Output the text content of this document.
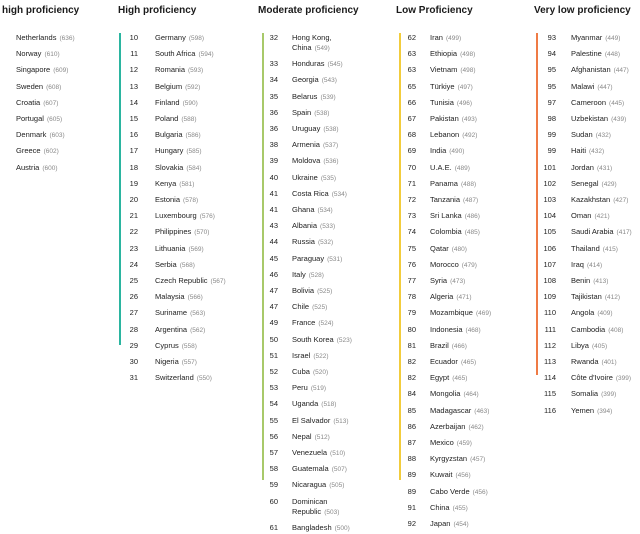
high proficiency
Netherlands (636)
Norway (610)
Singapore (609)
Sweden (608)
Croatia (607)
Portugal (605)
Denmark (603)
Greece (602)
Austria (600)
High proficiency
10 Germany (598)
11 South Africa (594)
12 Romania (593)
13 Belgium (592)
14 Finland (590)
15 Poland (588)
16 Bulgaria (586)
17 Hungary (585)
18 Slovakia (584)
19 Kenya (581)
20 Estonia (578)
21 Luxembourg (576)
22 Philippines (570)
23 Lithuania (569)
24 Serbia (568)
25 Czech Republic (567)
26 Malaysia (566)
27 Suriname (563)
28 Argentina (562)
29 Cyprus (558)
30 Nigeria (557)
31 Switzerland (550)
Moderate proficiency
32 Hong Kong,
China (549)
33 Honduras (545)
34 Georgia (543)
35 Belarus (539)
36 Spain (538)
36 Uruguay (538)
38 Armenia (537)
39 Moldova (536)
40 Ukraine (535)
41 Costa Rica (534)
41 Ghana (534)
43 Albania (533)
44 Russia (532)
45 Paraguay (531)
46 Italy (528)
47 Bolivia (525)
47 Chile (525)
49 France (524)
50 South Korea (523)
51 Israel (522)
52 Cuba (520)
53 Peru (519)
54 Uganda (518)
55 El Salvador (513)
56 Nepal (512)
57 Venezuela (510)
58 Guatemala (507)
59 Nicaragua (505)
60 Dominican
Republic (503)
61 Bangladesh (500)
Low Proficiency
62 Iran (499)
63 Ethiopia (498)
63 Vietnam (498)
65 Türkiye (497)
66 Tunisia (496)
67 Pakistan (493)
68 Lebanon (492)
69 India (490)
70 U.A.E. (489)
71 Panama (488)
72 Tanzania (487)
73 Sri Lanka (486)
74 Colombia (485)
75 Qatar (480)
76 Morocco (479)
77 Syria (473)
78 Algeria (471)
79 Mozambique (469)
80 Indonesia (468)
81 Brazil (466)
82 Ecuador (465)
82 Egypt (465)
84 Mongolia (464)
85 Madagascar (463)
86 Azerbaijan (462)
87 Mexico (459)
88 Kyrgyzstan (457)
89 Kuwait (456)
89 Cabo Verde (456)
91 China (455)
92 Japan (454)
Very low proficiency
93 Myanmar (449)
94 Palestine (448)
95 Afghanistan (447)
95 Malawi (447)
97 Cameroon (445)
98 Uzbekistan (439)
99 Sudan (432)
99 Haiti (432)
101 Jordan (431)
102 Senegal (429)
103 Kazakhstan (427)
104 Oman (421)
105 Saudi Arabia (417)
106 Thailand (415)
107 Iraq (414)
108 Benin (413)
109 Tajikistan (412)
110 Angola (409)
111 Cambodia (408)
112 Libya (405)
113 Rwanda (401)
114 Côte d'Ivoire (399)
115 Somalia (399)
116 Yemen (394)
